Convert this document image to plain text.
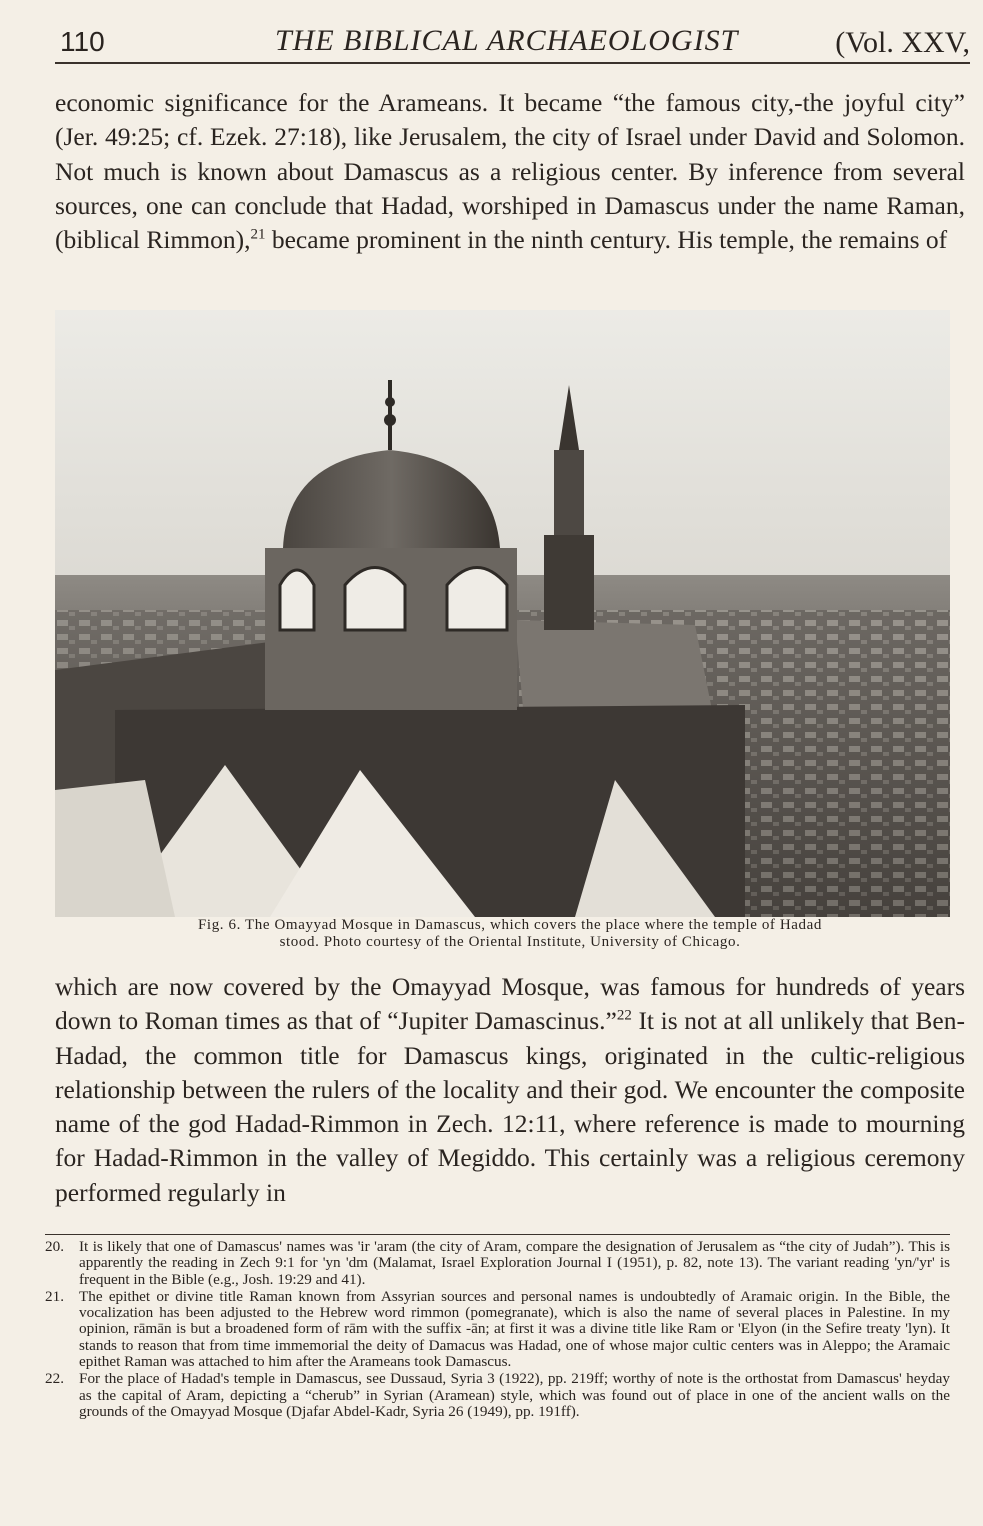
110	THE BIBLICAL ARCHAEOLOGIST	(Vol. XXV,
economic significance for the Arameans. It became “the famous city,-the joyful city” (Jer. 49:25; cf. Ezek. 27:18), like Jerusalem, the city of Israel under David and Solomon. Not much is known about Damascus as a religious center. By inference from several sources, one can conclude that Hadad, worshiped in Damascus under the name Raman, (biblical Rimmon),$^{21}$ became prominent in the ninth century. His temple, the remains of
Fig. 6. The Omayyad Mosque in Damascus, which covers the place where the temple of Hadad
stood. Photo courtesy of the Oriental Institute, University of Chicago.
which are now covered by the Omayyad Mosque, was famous for hundreds of years down to Roman times as that of “Jupiter Damascinus.”$^{22}$ It is not at all unlikely that Ben-Hadad, the common title for Damascus kings, originated in the cultic-religious relationship between the rulers of the locality and their god. We encounter the composite name of the god Hadad-Rimmon in Zech. 12:11, where reference is made to mourning for Hadad-Rimmon in the valley of Megiddo. This certainly was a religious ceremony performed regularly in
20. It is likely that one of Damascus' names was 'ir 'aram (the city of Aram, compare the designation of Jerusalem as “the city of Judah”). This is apparently the reading in Zech 9:1 for 'yn 'dm (Malamat, Israel Exploration Journal I (1951), p. 82, note 13). The variant reading 'yn/'yr' is frequent in the Bible (e.g., Josh. 19:29 and 41).
21. The epithet or divine title Raman known from Assyrian sources and personal names is undoubtedly of Aramaic origin. In the Bible, the vocalization has been adjusted to the Hebrew word rimmon (pomegranate), which is also the name of several places in Palestine. In my opinion, rāmān is but a broadened form of rām with the suffix -ān; at first it was a divine title like Ram or 'Elyon (in the Sefire treaty 'lyn). It stands to reason that from time immemorial the deity of Damacus was Hadad, one of whose major cultic centers was in Aleppo; the Aramaic epithet Raman was attached to him after the Arameans took Damascus.
22. For the place of Hadad's temple in Damascus, see Dussaud, Syria 3 (1922), pp. 219ff; worthy of note is the orthostat from Damascus' heyday as the capital of Aram, depicting a “cherub” in Syrian (Aramean) style, which was found out of place in one of the ancient walls on the grounds of the Omayyad Mosque (Djafar Abdel-Kadr, Syria 26 (1949), pp. 191ff).
